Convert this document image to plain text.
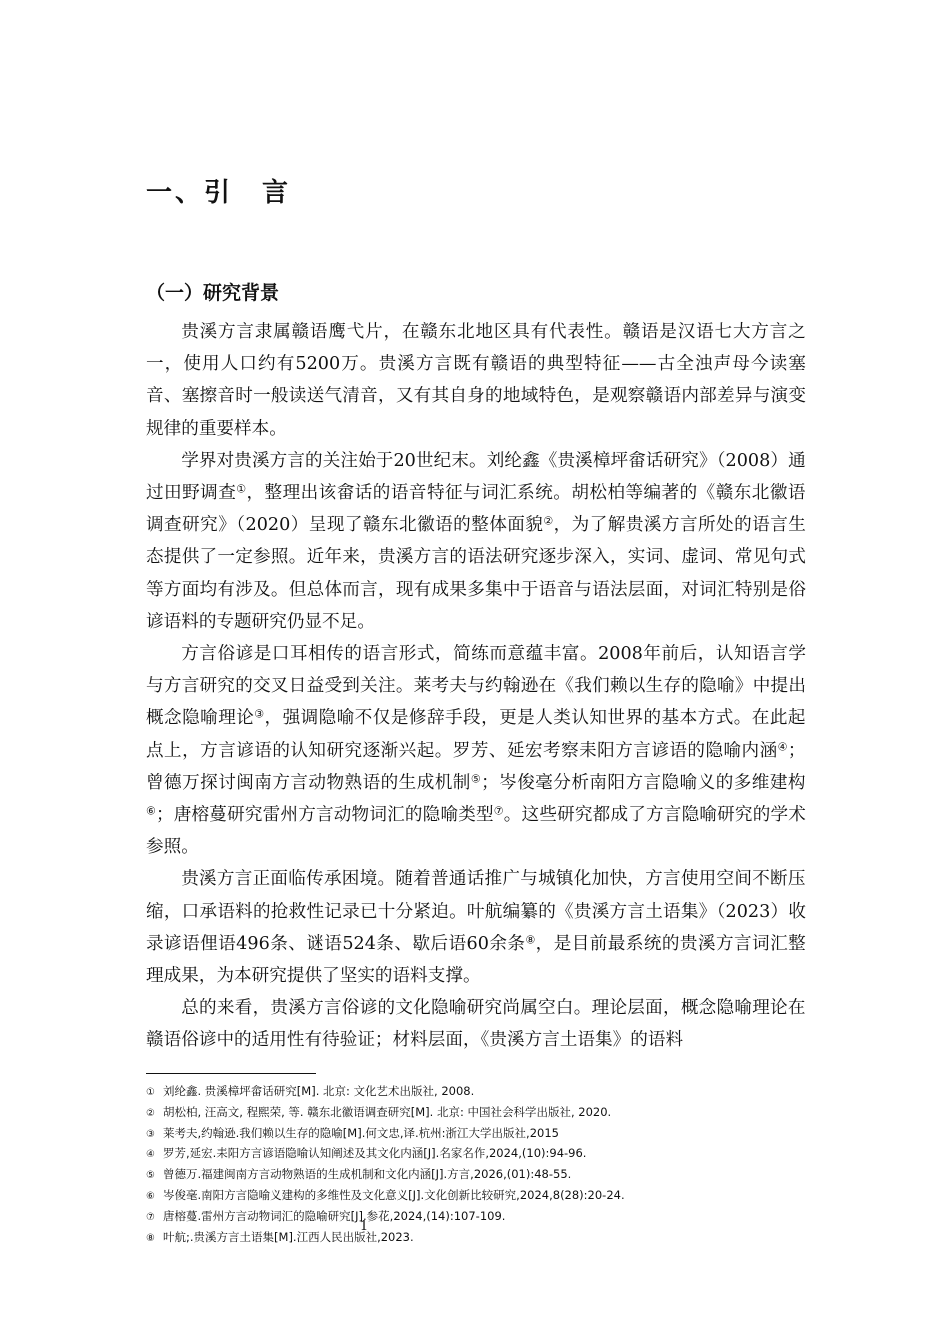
一、引　言
（一）研究背景

贵溪方言隶属赣语鹰弋片，在赣东北地区具有代表性。赣语是汉语七大方言之一，使用人口约有5200万。贵溪方言既有赣语的典型特征——古全浊声母今读塞音、塞擦音时一般读送气清音，又有其自身的地域特色，是观察赣语内部差异与演变规律的重要样本。

学界对贵溪方言的关注始于20世纪末。刘纶鑫《贵溪樟坪畲话研究》（2008）通过田野调查①，整理出该畲话的语音特征与词汇系统。胡松柏等编著的《赣东北徽语调查研究》（2020）呈现了赣东北徽语的整体面貌②，为了解贵溪方言所处的语言生态提供了一定参照。近年来，贵溪方言的语法研究逐步深入，实词、虚词、常见句式等方面均有涉及。但总体而言，现有成果多集中于语音与语法层面，对词汇特别是俗谚语料的专题研究仍显不足。

方言俗谚是口耳相传的语言形式，简练而意蕴丰富。2008年前后，认知语言学与方言研究的交叉日益受到关注。莱考夫与约翰逊在《我们赖以生存的隐喻》中提出概念隐喻理论③，强调隐喻不仅是修辞手段，更是人类认知世界的基本方式。在此起点上，方言谚语的认知研究逐渐兴起。罗芳、延宏考察耒阳方言谚语的隐喻内涵④；曾德万探讨闽南方言动物熟语的生成机制⑤；岑俊毫分析南阳方言隐喻义的多维建构⑥；唐榕蔓研究雷州方言动物词汇的隐喻类型⑦。这些研究都成了方言隐喻研究的学术参照。

贵溪方言正面临传承困境。随着普通话推广与城镇化加快，方言使用空间不断压缩，口承语料的抢救性记录已十分紧迫。叶航编纂的《贵溪方言土语集》（2023）收录谚语俚语496条、谜语524条、歇后语60余条⑧，是目前最系统的贵溪方言词汇整理成果，为本研究提供了坚实的语料支撑。

总的来看，贵溪方言俗谚的文化隐喻研究尚属空白。理论层面，概念隐喻理论在赣语俗谚中的适用性有待验证；材料层面，《贵溪方言土语集》的语料

① 刘纶鑫. 贵溪樟坪畲话研究[M]. 北京: 文化艺术出版社, 2008.
② 胡松柏, 汪高文, 程熙荣, 等. 赣东北徽语调查研究[M]. 北京: 中国社会科学出版社, 2020.
③ 莱考夫,约翰逊.我们赖以生存的隐喻[M].何文忠,译.杭州:浙江大学出版社,2015
④ 罗芳,延宏.耒阳方言谚语隐喻认知阐述及其文化内涵[J].名家名作,2024,(10):94-96.
⑤ 曾德万.福建闽南方言动物熟语的生成机制和文化内涵[J].方言,2026,(01):48-55.
⑥ 岑俊毫.南阳方言隐喻义建构的多维性及文化意义[J].文化创新比较研究,2024,8(28):20-24.
⑦ 唐榕蔓.雷州方言动物词汇的隐喻研究[J].参花,2024,(14):107-109.
⑧ 叶航;.贵溪方言土语集[M].江西人民出版社,2023.
1
